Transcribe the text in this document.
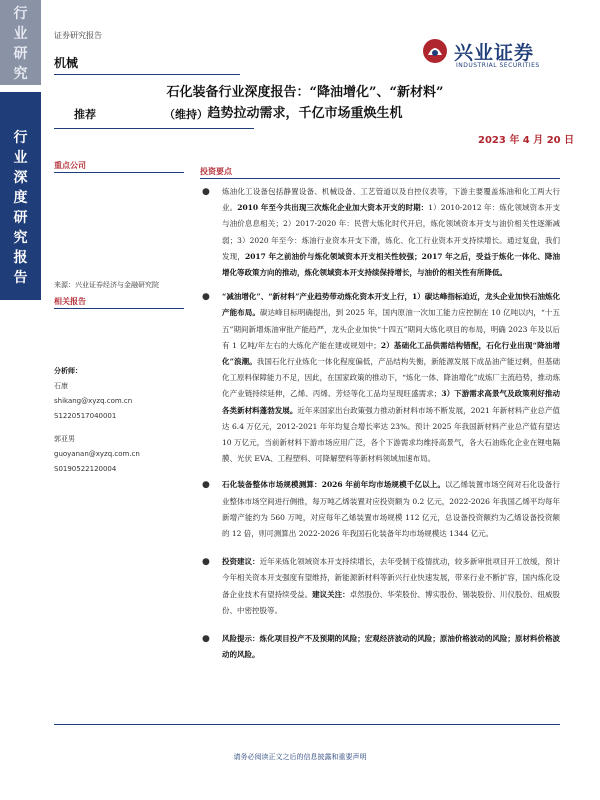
行
业
研
究
行
业
深
度
研
究
报
告
证券研究报告
机械	兴业证券
INDUSTRIAL SECURITIES
石化装备行业深度报告：“降油增化”、“新材料”
趋势拉动需求，千亿市场重焕生机
推荐	（维持）
2023 年 4 月 20 日
重点公司
来源：兴业证券经济与金融研究院
相关报告
分析师：
石康
shikang@xyzq.com.cn
S1220517040001
郭亚男
guoyanan@xyzq.com.cn
S0190522120004
投资要点
● 炼油化工设备包括静置设备、机械设备、工艺管道以及自控仪表等，下游主要覆盖炼油和化工两大行业。2010 年至今共出现三次炼化企业加大资本开支的时期：1）2010-2012 年：炼化领域资本开支与油价息息相关；2）2017-2020 年：民营大炼化时代开启，炼化领域资本开支与油价相关性逐渐减弱；3）2020 年至今：炼油行业资本开支下滑，炼化、化工行业资本开支持续增长。通过复盘，我们发现，2017 年之前油价与炼化领域资本开支相关性较强；2017 年之后，受益于炼化一体化、降油增化等政策方向的推动，炼化领域资本开支持续保持增长，与油价的相关性有所降低。
● “减油增化”、“新材料”产业趋势带动炼化资本开支上行，1）碳达峰指标迫近，龙头企业加快石油炼化产能布局。碳达峰目标明确提出，到 2025 年，国内原油一次加工能力应控制在 10 亿吨以内，“十五五”期间新增炼油审批产能趋严，龙头企业加快“十四五”期间大炼化项目的布局，明确 2023 年及以后有 1 亿吨/年左右的大炼化产能在建或规划中；2）基础化工品供需结构错配，石化行业出现“降油增化”浪潮。我国石化行业炼化一体化程度偏低，产品结构失衡，新能源发展下成品油产能过剩，但基础化工原料保障能力不足，因此，在国家政策的推动下，“炼化一体、降油增化”成炼厂主流趋势，推动炼化产业链持续延伸，乙烯、丙烯、芳烃等化工品均呈现旺盛需求；3）下游需求高景气及政策利好推动各类新材料蓬勃发展。近年来国家出台政策强力推动新材料市场不断发展，2021 年新材料产业总产值达 6.4 万亿元，2012-2021 年年均复合增长率达 23%。预计 2025 年我国新材料产业总产值有望达 10 万亿元，当前新材料下游市场应用广泛，各个下游需求均维持高景气，各大石油炼化企业在锂电隔膜、光伏 EVA、工程塑料、可降解塑料等新材料领域加速布局。
● 石化装备整体市场规模测算：2026 年前年均市场规模千亿以上。以乙烯装置市场空间对石化设备行业整体市场空间进行侧推，每万吨乙烯装置对应投资额为 0.2 亿元，2022-2026 年我国乙烯平均每年新增产能约为 560 万吨，对应每年乙烯装置市场规模 112 亿元，总设备投资额约为乙烯设备投资额的 12 倍，则可测算出 2022-2026 年我国石化装备年均市场规模达 1344 亿元。
● 投资建议：近年来炼化领域资本开支持续增长，去年受制于疫情扰动，较多新审批项目开工放缓，预计今年相关资本开支强度有望维持，新能源新材料等新兴行业快速发展，带来行业不断扩容，国内炼化设备企业技术有望持续受益。建议关注：卓然股份、华荣股份、博实股份、锡装股份、川仪股份、纽威股份、中密控股等。
● 风险提示：炼化项目投产不及预期的风险；宏观经济波动的风险；原油价格波动的风险；原材料价格波动的风险。
请务必阅读正文之后的信息披露和重要声明
